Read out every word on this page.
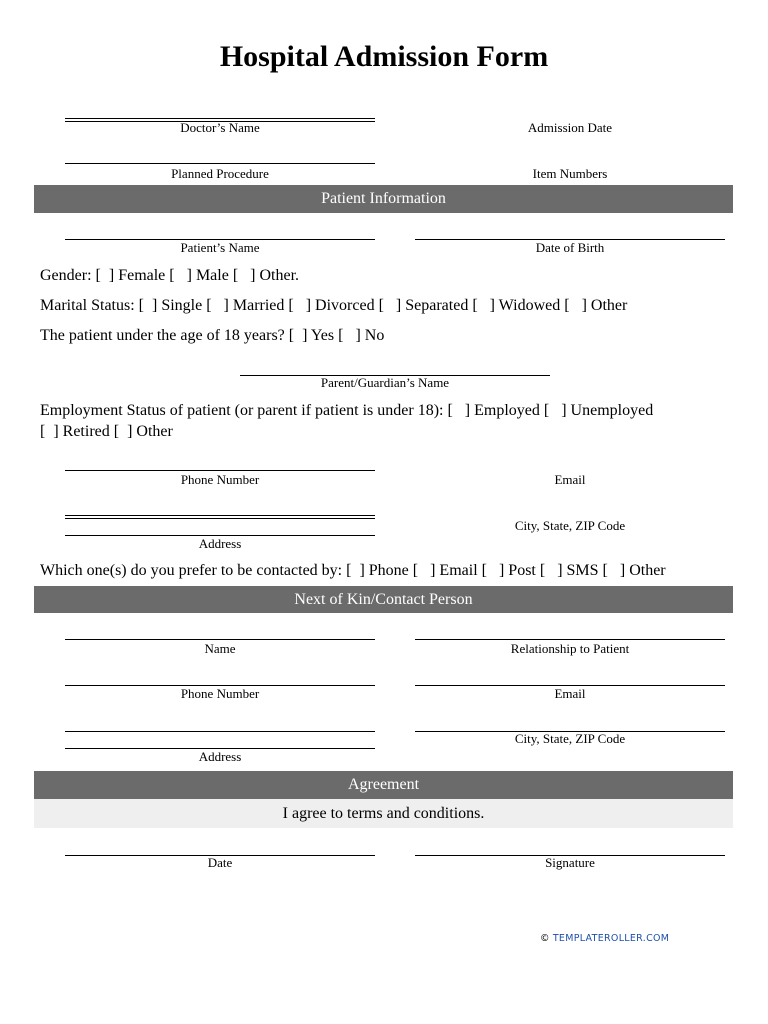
Hospital Admission Form
Doctor’s Name	Admission Date
Planned Procedure	Item Numbers
Patient Information
Patient’s Name	Date of Birth
Gender: [  ] Female [   ] Male [   ] Other.
Marital Status: [  ] Single [   ] Married [   ] Divorced [   ] Separated [   ] Widowed [   ] Other
The patient under the age of 18 years? [  ] Yes [   ] No
Parent/Guardian’s Name
Employment Status of patient (or parent if patient is under 18): [   ] Employed [   ] Unemployed
[  ] Retired [  ] Other
Phone Number	Email
Address
City, State, ZIP Code
Which one(s) do you prefer to be contacted by: [  ] Phone [   ] Email [   ] Post [   ] SMS [   ] Other
Next of Kin/Contact Person
Name	Relationship to Patient
Phone Number	Email
Address
City, State, ZIP Code
Agreement
I agree to terms and conditions.
Date	Signature
© TEMPLATEROLLER.COM
